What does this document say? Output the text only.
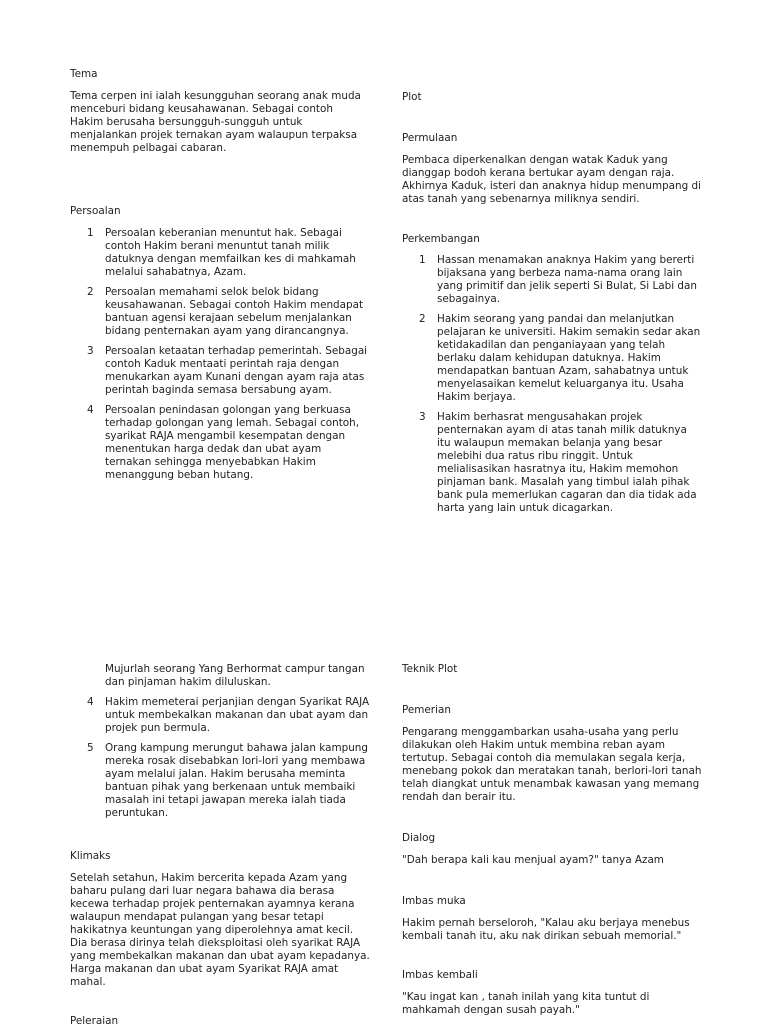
Tema
Tema cerpen ini ialah kesungguhan seorang anak muda menceburi bidang keusahawanan. Sebagai contoh Hakim berusaha bersungguh-sungguh untuk menjalankan projek ternakan ayam walaupun terpaksa menempuh pelbagai cabaran.
Persoalan
1 Persoalan keberanian menuntut hak. Sebagai contoh Hakim berani menuntut tanah milik datuknya dengan memfailkan kes di mahkamah melalui sahabatnya, Azam.
2 Persoalan memahami selok belok bidang keusahawanan. Sebagai contoh Hakim mendapat bantuan agensi kerajaan sebelum menjalankan bidang penternakan ayam yang dirancangnya.
3 Persoalan ketaatan terhadap pemerintah. Sebagai contoh Kaduk mentaati perintah raja dengan menukarkan ayam Kunani dengan ayam raja atas perintah baginda semasa bersabung ayam.
4 Persoalan penindasan golongan yang berkuasa terhadap golongan yang lemah. Sebagai contoh, syarikat RAJA mengambil kesempatan dengan menentukan harga dedak dan ubat ayam ternakan sehingga menyebabkan Hakim menanggung beban hutang.
Plot
Permulaan
Pembaca diperkenalkan dengan watak Kaduk yang dianggap bodoh kerana bertukar ayam dengan raja. Akhirnya Kaduk, isteri dan anaknya hidup menumpang di atas tanah yang sebenarnya miliknya sendiri.
Perkembangan
1 Hassan menamakan anaknya Hakim yang bererti bijaksana yang berbeza nama-nama orang lain yang primitif dan jelik seperti Si Bulat, Si Labi dan sebagainya.
2 Hakim seorang yang pandai dan melanjutkan pelajaran ke universiti. Hakim semakin sedar akan ketidakadilan dan penganiayaan yang telah berlaku dalam kehidupan datuknya. Hakim mendapatkan bantuan Azam, sahabatnya untuk menyelasaikan kemelut keluarganya itu. Usaha Hakim berjaya.
3 Hakim berhasrat mengusahakan projek penternakan ayam di atas tanah milik datuknya itu walaupun memakan belanja yang besar melebihi dua ratus ribu ringgit. Untuk melialisasikan hasratnya itu, Hakim memohon pinjaman bank. Masalah yang timbul ialah pihak bank pula memerlukan cagaran dan dia tidak ada harta yang lain untuk dicagarkan.
Mujurlah seorang Yang Berhormat campur tangan dan pinjaman hakim diluluskan.
4 Hakim memeterai perjanjian dengan Syarikat RAJA untuk membekalkan makanan dan ubat ayam dan projek pun bermula.
5 Orang kampung merungut bahawa jalan kampung mereka rosak disebabkan lori-lori yang membawa ayam melalui jalan. Hakim berusaha meminta bantuan pihak yang berkenaan untuk membaiki masalah ini tetapi jawapan mereka ialah tiada peruntukan.
Klimaks
Setelah setahun, Hakim bercerita kepada Azam yang baharu pulang dari luar negara bahawa dia berasa kecewa terhadap projek penternakan ayamnya kerana walaupun mendapat pulangan yang besar tetapi hakikatnya keuntungan yang diperolehnya amat kecil. Dia berasa dirinya telah dieksploitasi oleh syarikat RAJA yang membekalkan makanan dan ubat ayam kepadanya. Harga makanan dan ubat ayam Syarikat RAJA amat mahal.
Peleraian
Teknik Plot
Pemerian
Pengarang menggambarkan usaha-usaha yang perlu dilakukan oleh Hakim untuk membina reban ayam tertutup. Sebagai contoh dia memulakan segala kerja, menebang pokok dan meratakan tanah, berlori-lori tanah telah diangkat untuk menambak kawasan yang memang rendah dan berair itu.
Dialog
"Dah berapa kali kau menjual ayam?" tanya Azam
Imbas muka
Hakim pernah berseloroh, "Kalau aku berjaya menebus kembali tanah itu, aku nak dirikan sebuah memorial."
Imbas kembali
"Kau ingat kan , tanah inilah yang kita tuntut di mahkamah dengan susah payah."
